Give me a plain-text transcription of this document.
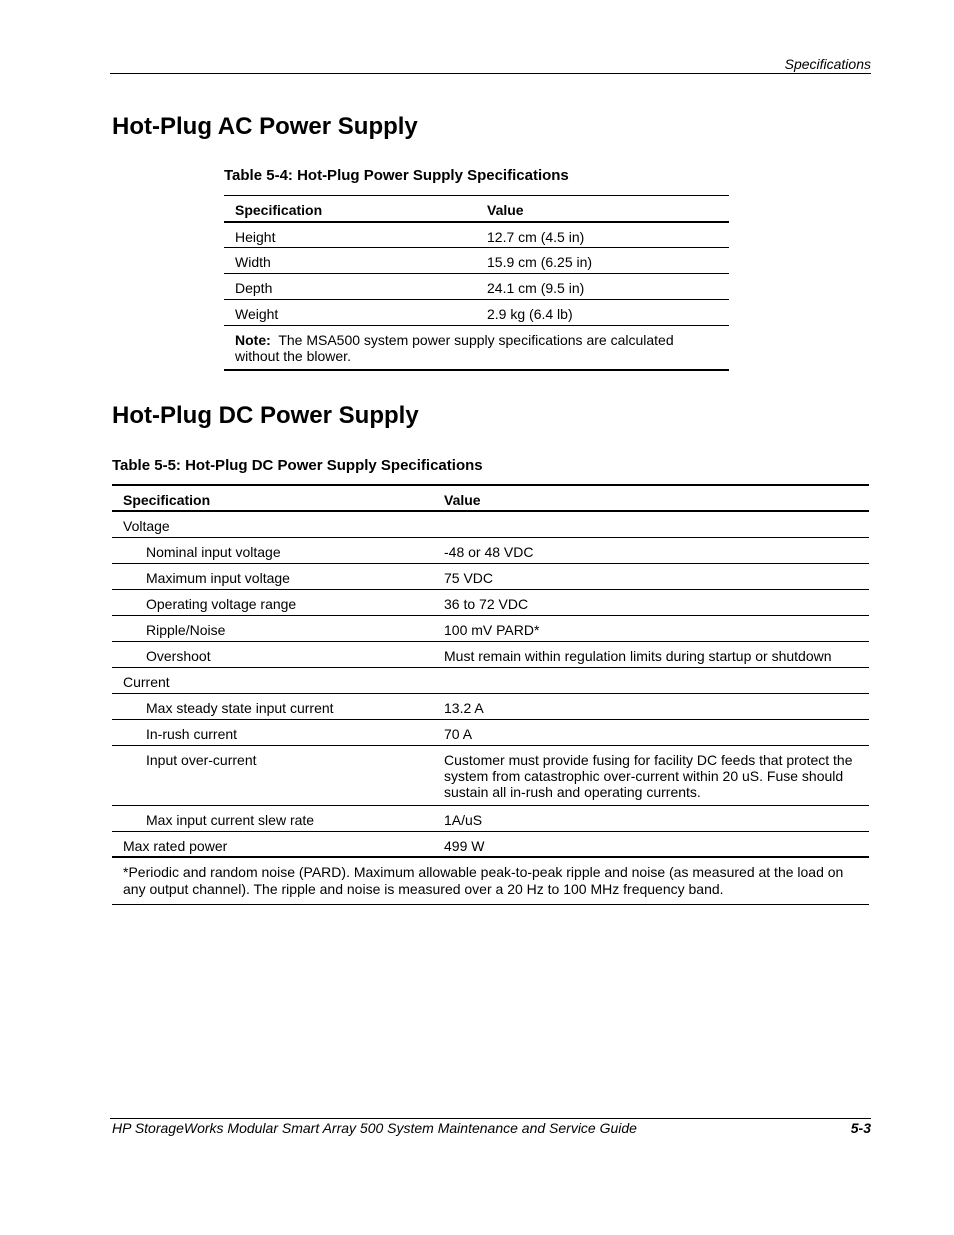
Specifications
Hot-Plug AC Power Supply
Table 5-4: Hot-Plug Power Supply Specifications
Specification	Value
Height	12.7 cm (4.5 in)
Width	15.9 cm (6.25 in)
Depth	24.1 cm (9.5 in)
Weight	2.9 kg (6.4 lb)
Note: The MSA500 system power supply specifications are calculated without the blower.	
Hot-Plug DC Power Supply
Table 5-5: Hot-Plug DC Power Supply Specifications
Specification	Value
Voltage	
Nominal input voltage	-48 or 48 VDC
Maximum input voltage	75 VDC
Operating voltage range	36 to 72 VDC
Ripple/Noise	100 mV PARD*
Overshoot	Must remain within regulation limits during startup or shutdown
Current	
Max steady state input current	13.2 A
In-rush current	70 A
Input over-current	Customer must provide fusing for facility DC feeds that protect the system from catastrophic over-current within 20 uS. Fuse should sustain all in-rush and operating currents.
Max input current slew rate	1A/uS
Max rated power	499 W
*Periodic and random noise (PARD). Maximum allowable peak-to-peak ripple and noise (as measured at the load on any output channel). The ripple and noise is measured over a 20 Hz to 100 MHz frequency band.	
HP StorageWorks Modular Smart Array 500 System Maintenance and Service Guide	5-3
